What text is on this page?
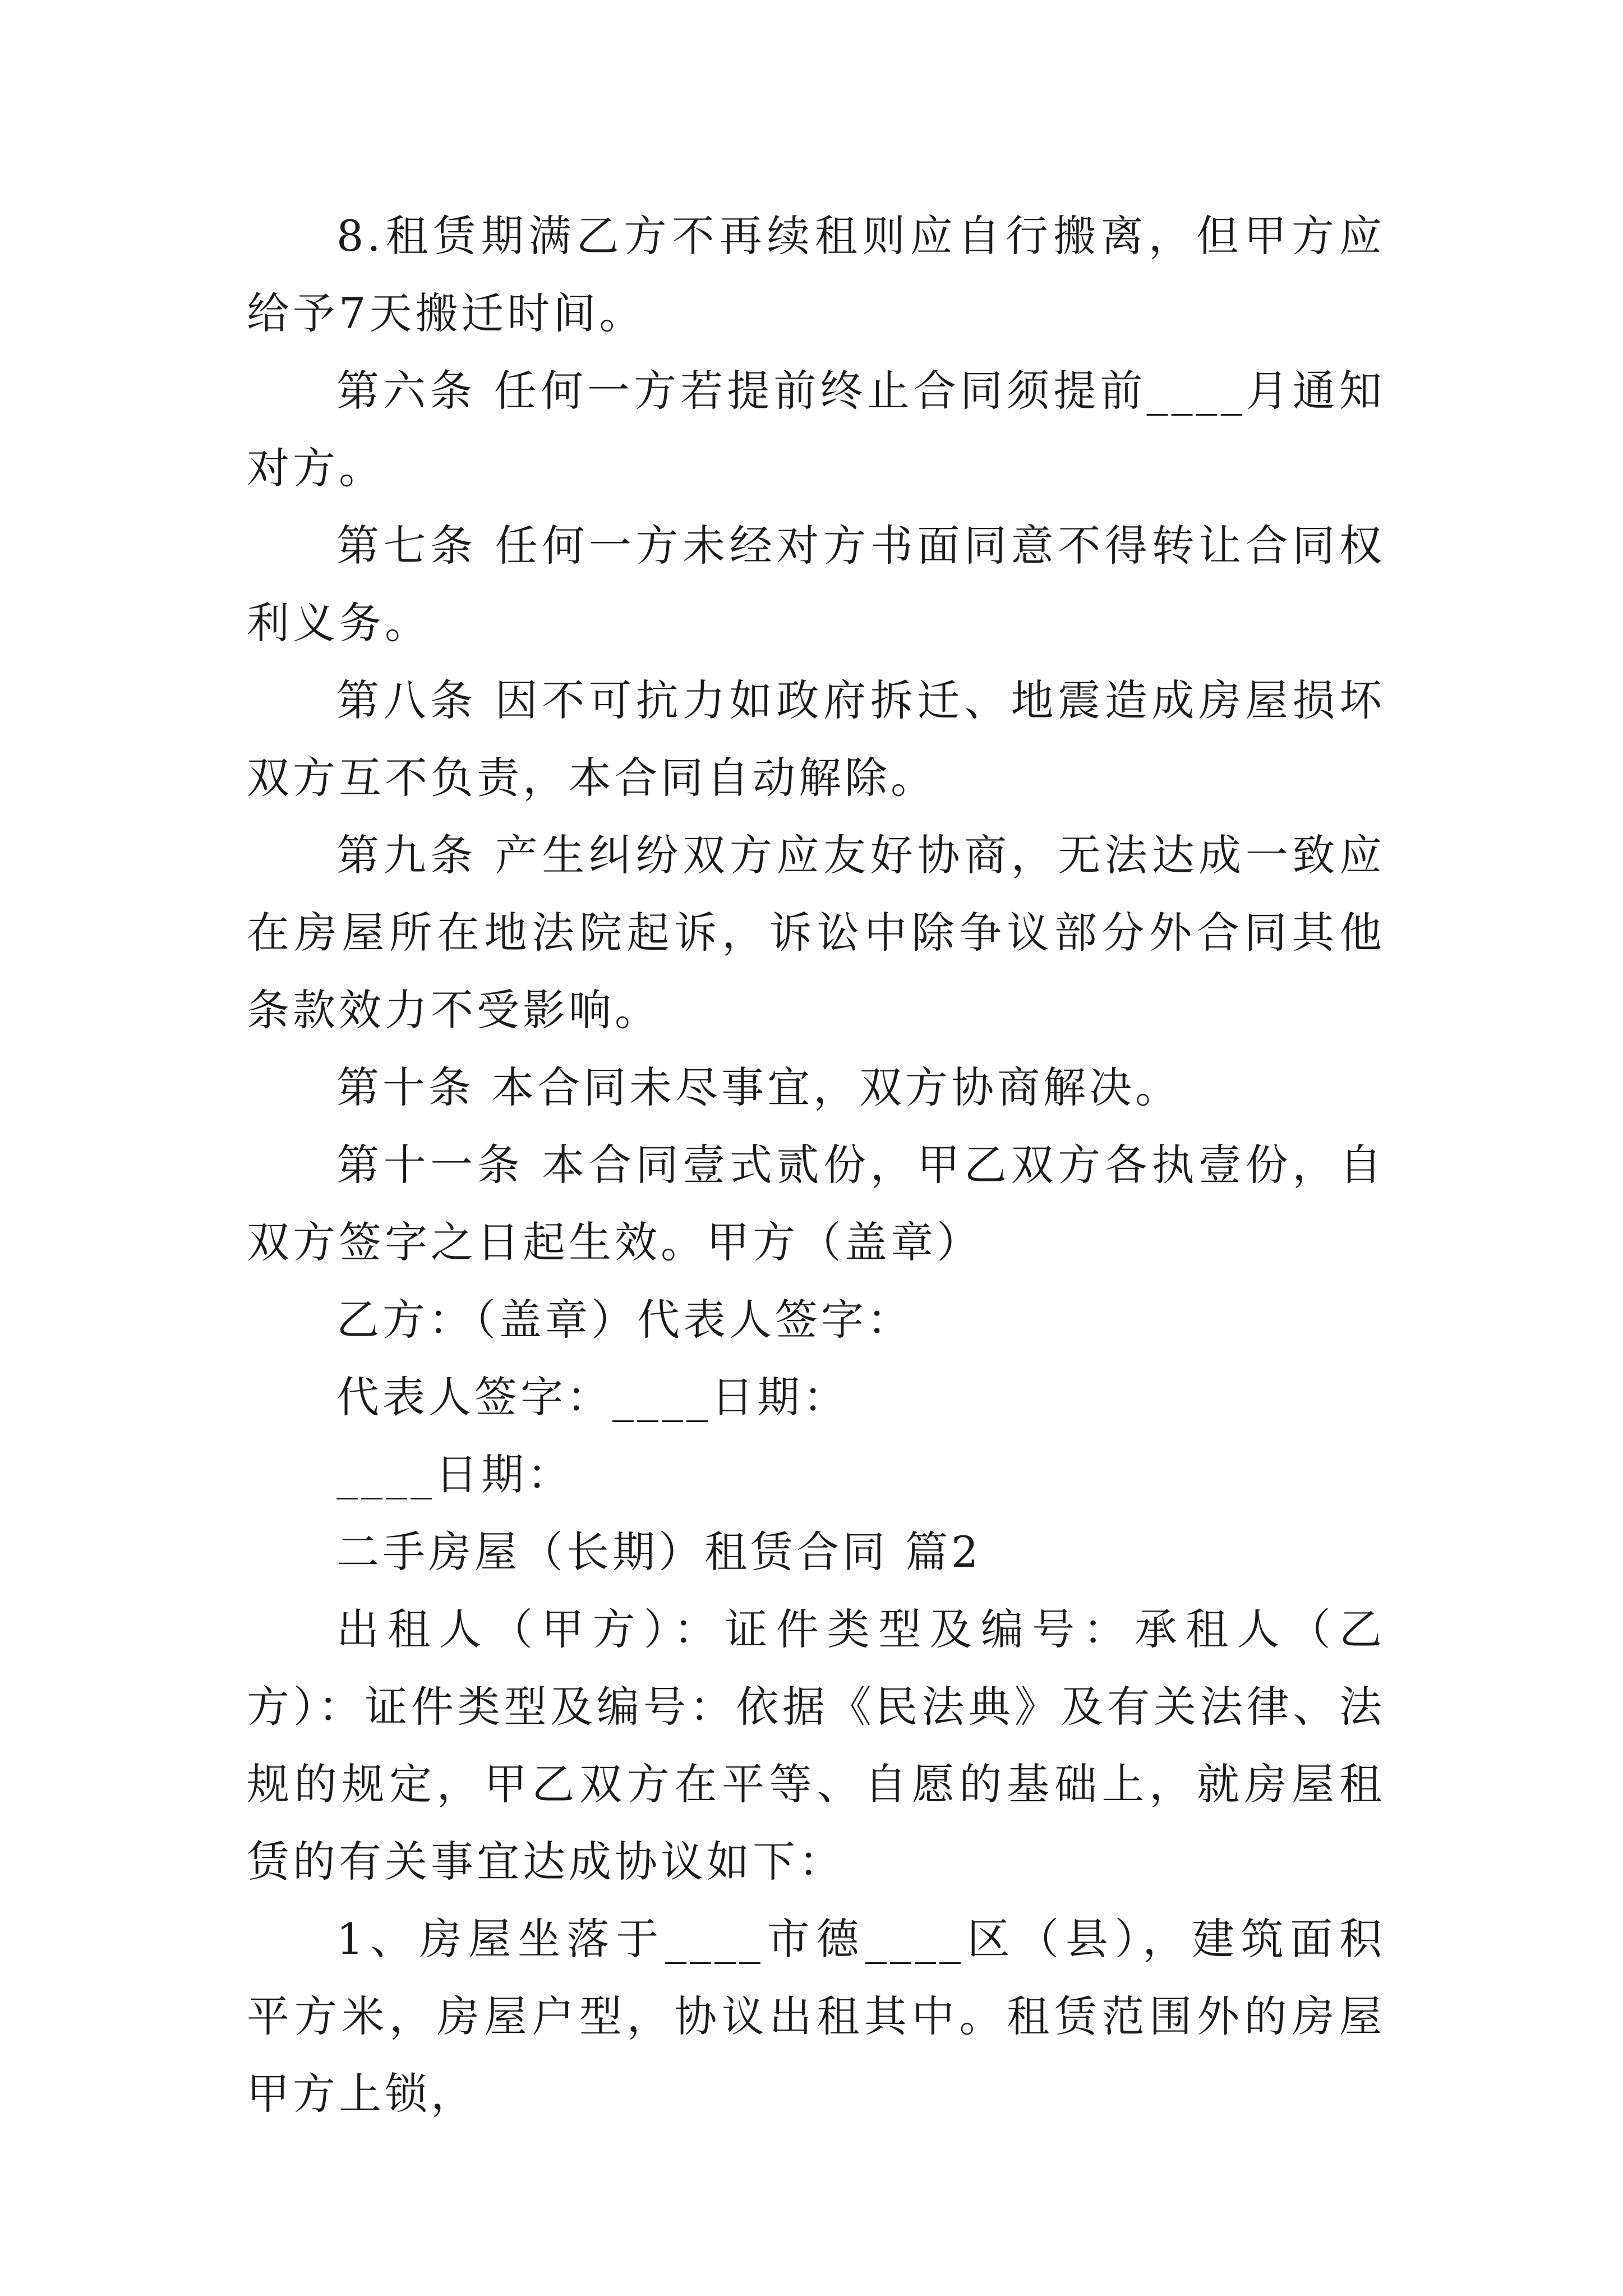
8.租赁期满乙方不再续租则应自行搬离，但甲方应给予7天搬迁时间。

第六条 任何一方若提前终止合同须提前____月通知对方。

第七条 任何一方未经对方书面同意不得转让合同权利义务。

第八条 因不可抗力如政府拆迁、地震造成房屋损坏双方互不负责，本合同自动解除。

第九条 产生纠纷双方应友好协商，无法达成一致应在房屋所在地法院起诉，诉讼中除争议部分外合同其他条款效力不受影响。

第十条 本合同未尽事宜，双方协商解决。

第十一条 本合同壹式贰份，甲乙双方各执壹份，自双方签字之日起生效。甲方（盖章）

乙方：（盖章）代表人签字：

代表人签字：____日期：

____日期：

二手房屋（长期）租赁合同 篇2

出租人（甲方）：证件类型及编号：承租人（乙方）：证件类型及编号：依据《民法典》及有关法律、法规的规定，甲乙双方在平等、自愿的基础上，就房屋租赁的有关事宜达成协议如下：

1、房屋坐落于____市德____区（县），建筑面积 平方米，房屋户型，协议出租其中。租赁范围外的房屋甲方上锁，
